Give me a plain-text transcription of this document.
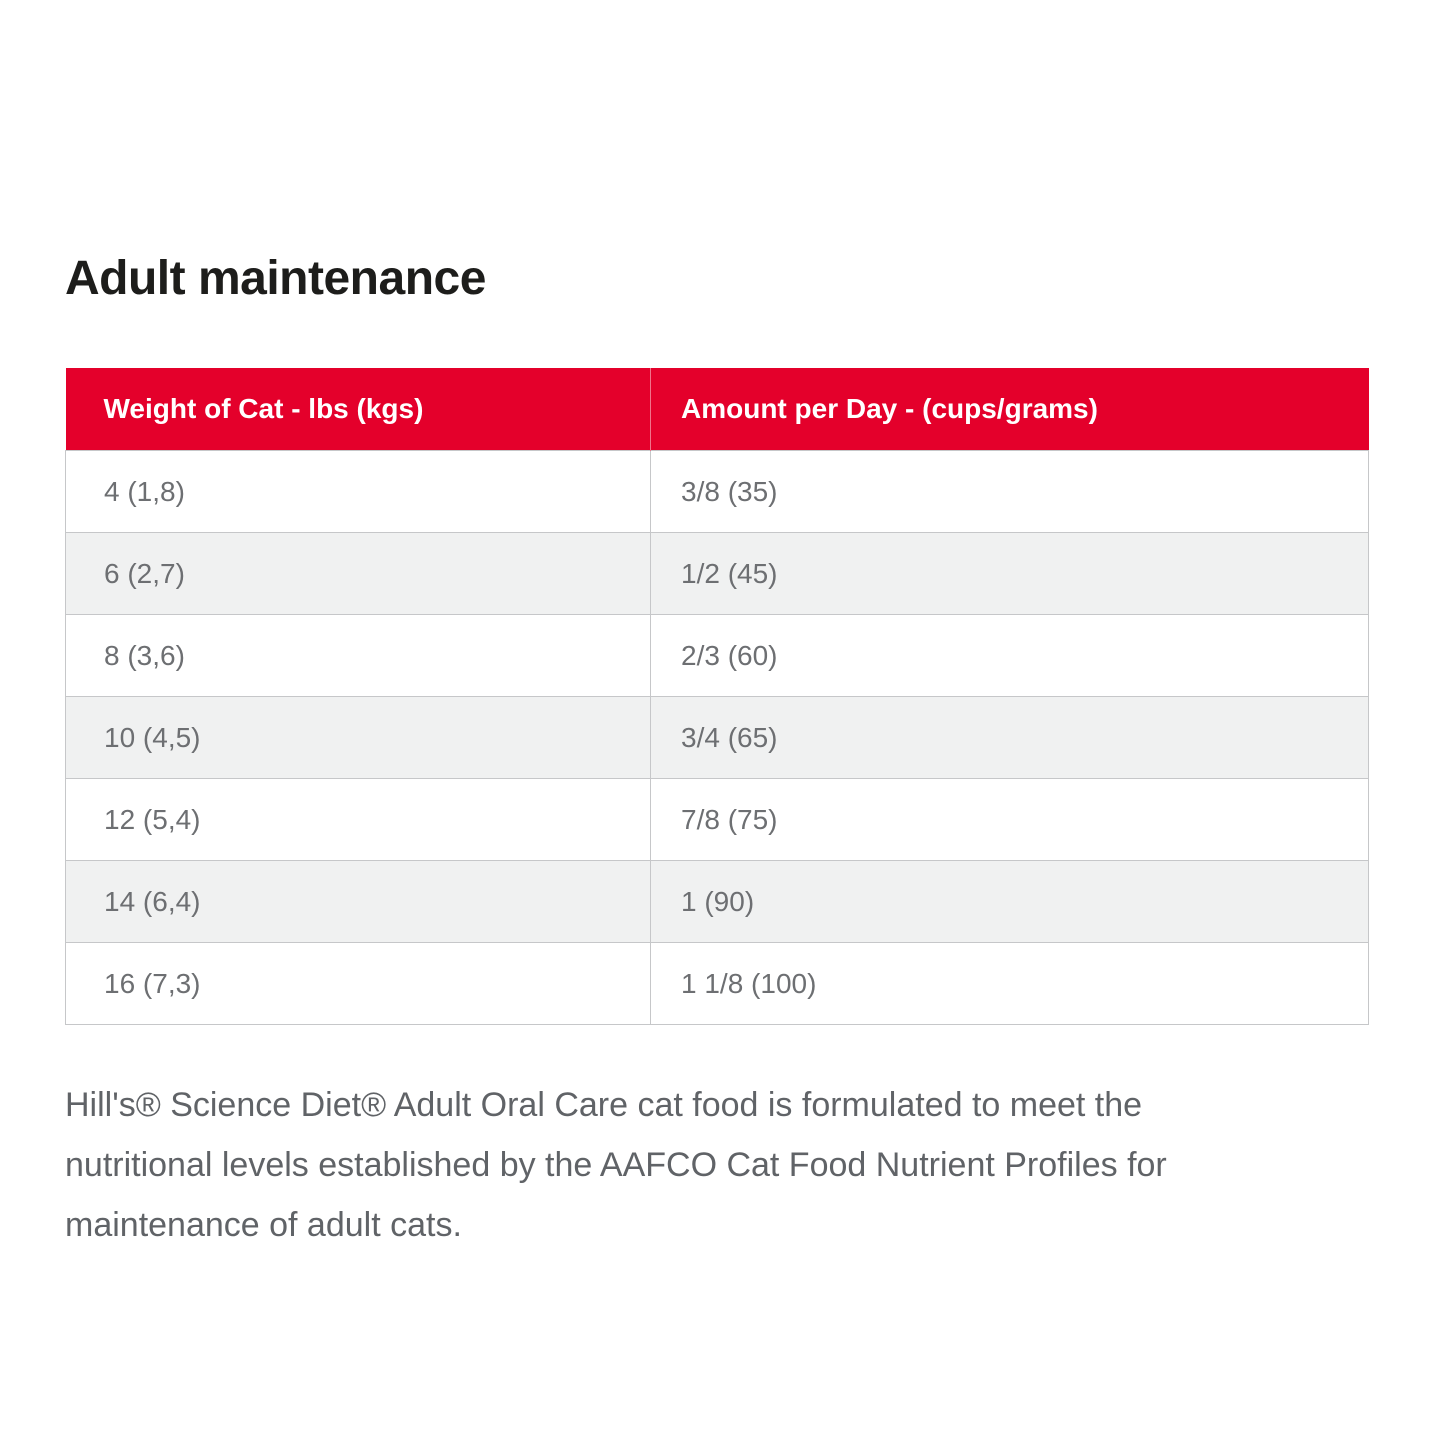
Adult maintenance
Weight of Cat - lbs (kgs)	Amount per Day - (cups/grams)
4 (1,8)	3/8 (35)
6 (2,7)	1/2 (45)
8 (3,6)	2/3 (60)
10 (4,5)	3/4 (65)
12 (5,4)	7/8 (75)
14 (6,4)	1 (90)
16 (7,3)	1 1/8 (100)

Hill's® Science Diet® Adult Oral Care cat food is formulated to meet the
nutritional levels established by the AAFCO Cat Food Nutrient Profiles for
maintenance of adult cats.
